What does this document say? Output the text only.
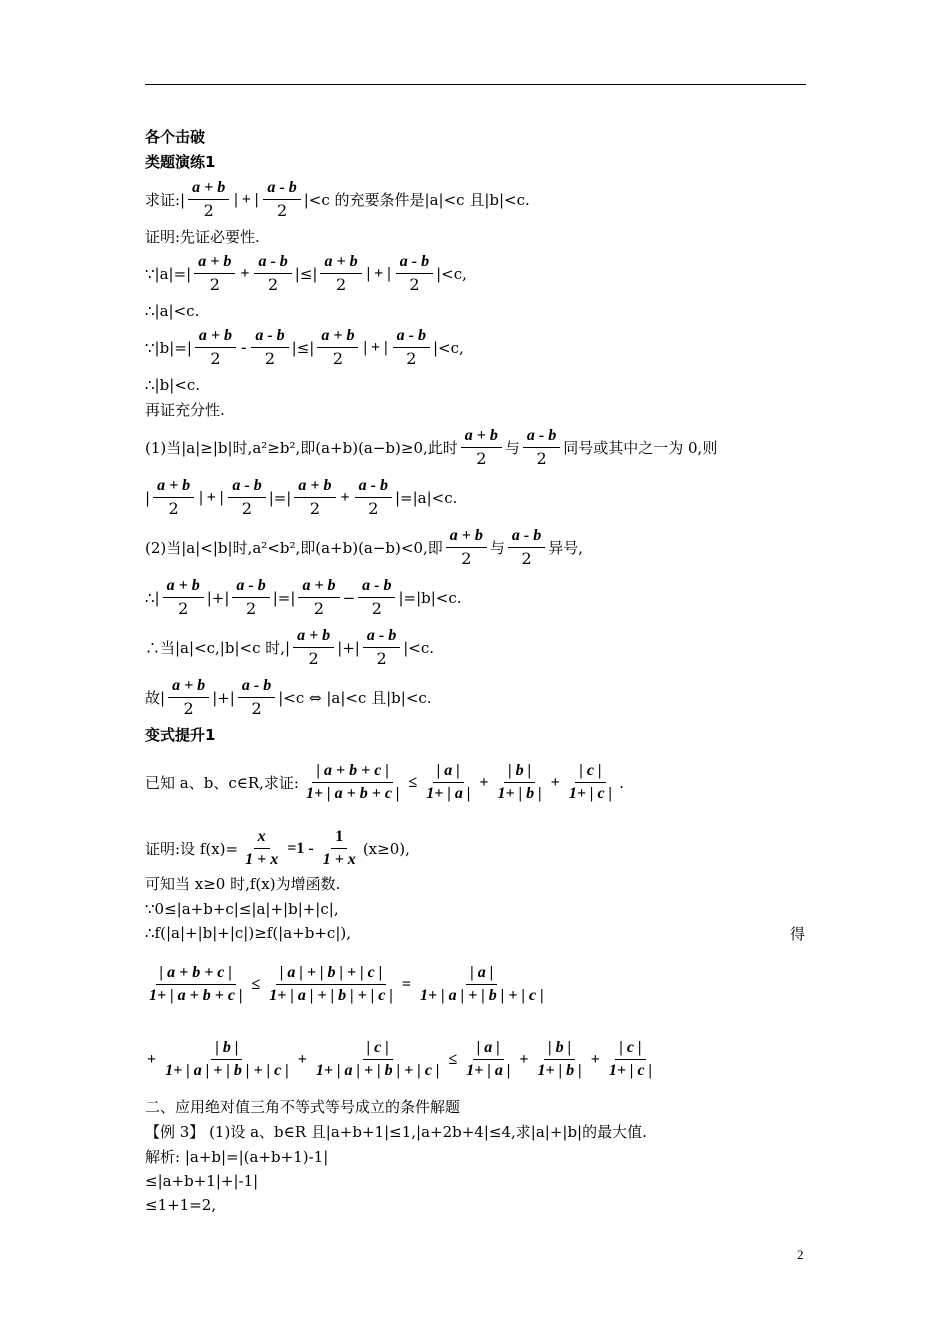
各个击破
类题演练1
求证:| $\frac{a + b}{2}$ | + | $\frac{a - b}{2} |<c$ 的充要条件是|a|<c 且|b|<c.
证明:先证必要性.
∵|a|=| $\frac{a + b}{2} + \frac{a - b}{2}$ |≤| $\frac{a + b}{2}$ | + | $\frac{a - b}{2} |<c$,
∴|a|<c.
∵|b|=| $\frac{a + b}{2} - \frac{a - b}{2}$ |≤| $\frac{a + b}{2}$ | + | $\frac{a - b}{2} |<c$,
∴|b|<c.
再证充分性.
(1)当|a|≥|b|时,a²≥b²,即(a+b)(a−b)≥0,此时 $\frac{a + b}{2}$ 与 $\frac{a - b}{2}$ 同号或其中之一为 0,则
| $\frac{a + b}{2}$ | + | $\frac{a - b}{2}$ |=| $\frac{a + b}{2} + \frac{a - b}{2} |=|a|<c$.
(2)当|a|<|b|时,a²<b²,即(a+b)(a−b)<0,即 $\frac{a + b}{2}$ 与 $\frac{a - b}{2}$ 异号,
∴| $\frac{a + b}{2}$ |+| $\frac{a - b}{2}$ |=| $\frac{a + b}{2} - \frac{a - b}{2} |=|b|<c$.
∴当|a|<c,|b|<c 时,| $\frac{a + b}{2}$ |+| $\frac{a - b}{2} |<c$.
故| $\frac{a + b}{2}$ |+| $\frac{a - b}{2} |<c$ ⇔ |a|<c 且|b|<c.
变式提升1
已知 a、b、c∈R,求证: $\frac{| a + b + c |}{1+ | a + b + c |} \le \frac{| a |}{1+ | a |} + \frac{| b |}{1+ | b |} + \frac{| c |}{1+ | c |}$ .
证明:设 $f(x)= \frac{x}{1 + x} =1 - \frac{1}{1 + x} (x\ge 0)$,
可知当 x≥0 时,f(x)为增函数.
∵0≤|a+b+c|≤|a|+|b|+|c|,
∴f(|a|+|b|+|c|)≥f(|a+b+c|),	得
$\frac{| a + b + c |}{1+ | a + b + c |} \le \frac{| a | + | b | + | c |}{1+ | a | + | b | + | c |} = \frac{| a |}{1+ | a | + | b | + | c |}$
+ $\frac{| b |}{1+ | a | + | b | + | c |} + \frac{| c |}{1+ | a | + | b | + | c |} \le \frac{| a |}{1+ | a |} + \frac{| b |}{1+ | b |} + \frac{| c |}{1+ | c |}$
二、应用绝对值三角不等式等号成立的条件解题
【例 3】 (1)设 a、b∈R 且|a+b+1|≤1,|a+2b+4|≤4,求|a|+|b|的最大值.
解析: |a+b|=|(a+b+1)-1|
≤|a+b+1|+|-1|
≤1+1=2,
2
